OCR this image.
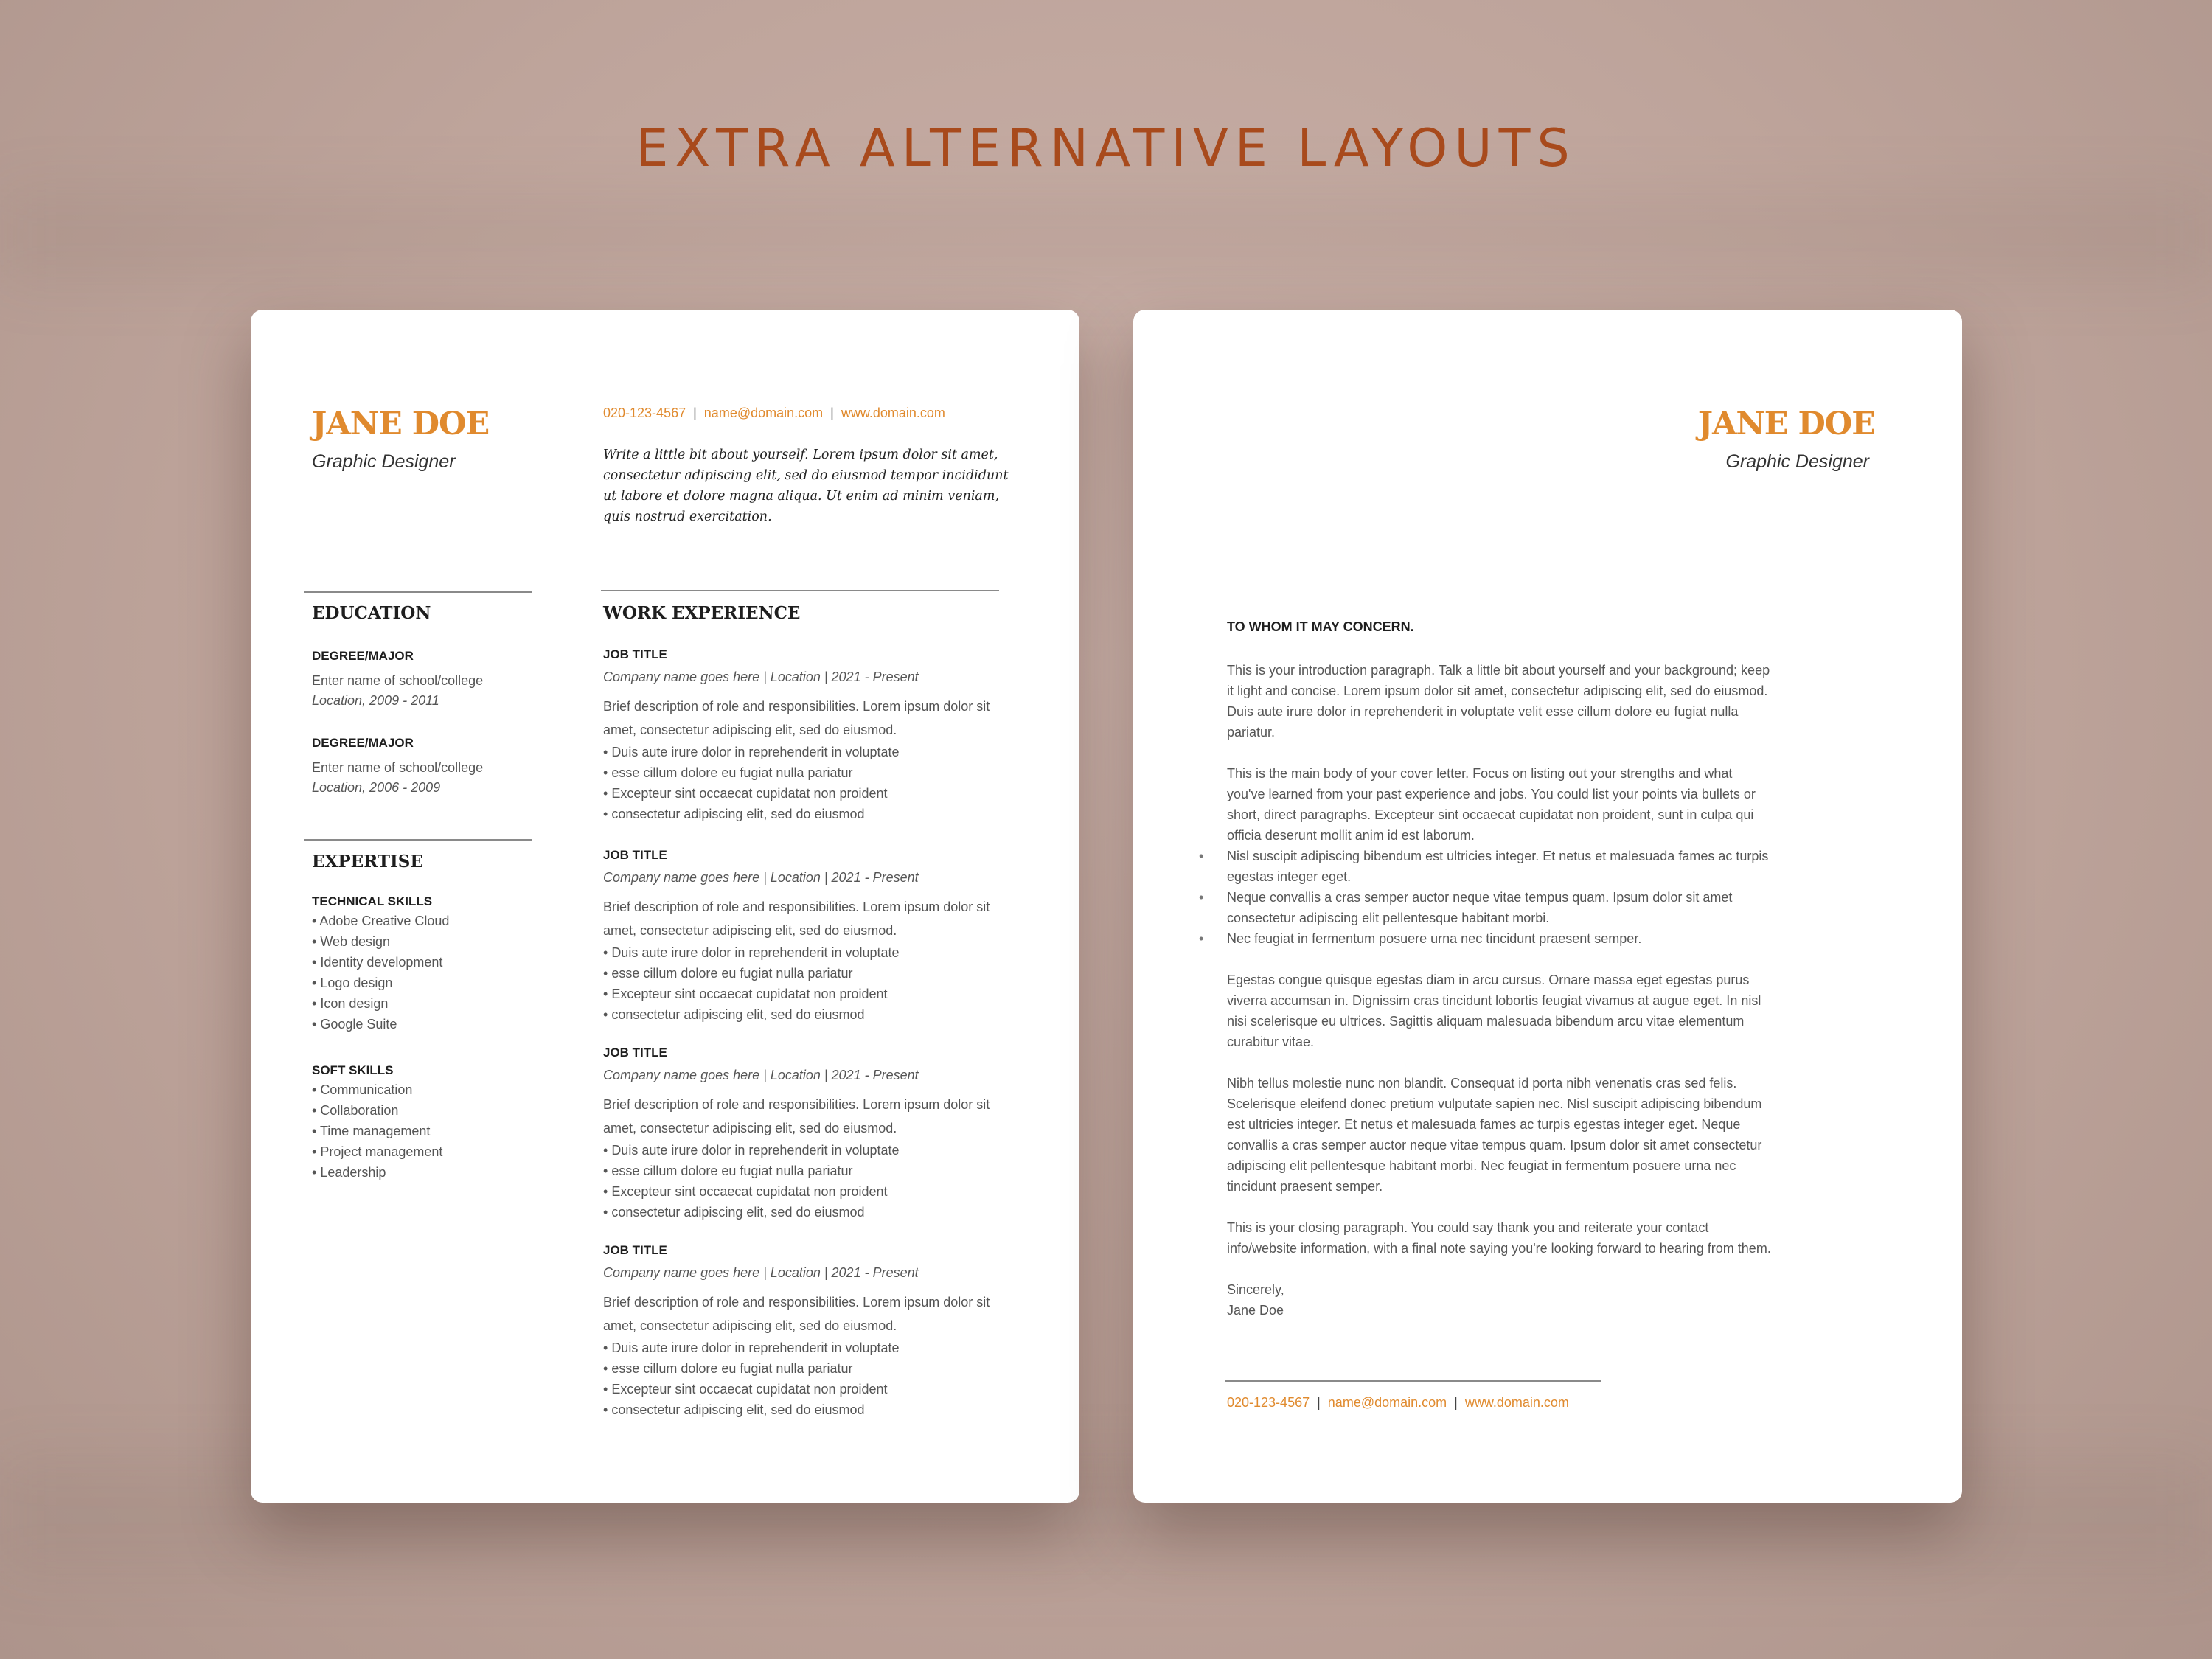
EXTRA ALTERNATIVE LAYOUTS
JANE DOE
Graphic Designer
020-123-4567 | name@domain.com | www.domain.com
Write a little bit about yourself. Lorem ipsum dolor sit amet, consectetur adipiscing elit, sed do eiusmod tempor incididunt ut labore et dolore magna aliqua. Ut enim ad minim veniam, quis nostrud exercitation.
EDUCATION
DEGREE/MAJOR
Enter name of school/college
Location, 2009 - 2011
DEGREE/MAJOR
Enter name of school/college
Location, 2006 - 2009
EXPERTISE
TECHNICAL SKILLS
• Adobe Creative Cloud
• Web design
• Identity development
• Logo design
• Icon design
• Google Suite
SOFT SKILLS
• Communication
• Collaboration
• Time management
• Project management
• Leadership
WORK EXPERIENCE
JOB TITLE
Company name goes here | Location | 2021 - Present
Brief description of role and responsibilities. Lorem ipsum dolor sit amet, consectetur adipiscing elit, sed do eiusmod.
• Duis aute irure dolor in reprehenderit in voluptate
• esse cillum dolore eu fugiat nulla pariatur
• Excepteur sint occaecat cupidatat non proident
• consectetur adipiscing elit, sed do eiusmod
JOB TITLE
Company name goes here | Location | 2021 - Present
Brief description of role and responsibilities. Lorem ipsum dolor sit amet, consectetur adipiscing elit, sed do eiusmod.
• Duis aute irure dolor in reprehenderit in voluptate
• esse cillum dolore eu fugiat nulla pariatur
• Excepteur sint occaecat cupidatat non proident
• consectetur adipiscing elit, sed do eiusmod
JOB TITLE
Company name goes here | Location | 2021 - Present
Brief description of role and responsibilities. Lorem ipsum dolor sit amet, consectetur adipiscing elit, sed do eiusmod.
• Duis aute irure dolor in reprehenderit in voluptate
• esse cillum dolore eu fugiat nulla pariatur
• Excepteur sint occaecat cupidatat non proident
• consectetur adipiscing elit, sed do eiusmod
JOB TITLE
Company name goes here | Location | 2021 - Present
Brief description of role and responsibilities. Lorem ipsum dolor sit amet, consectetur adipiscing elit, sed do eiusmod.
• Duis aute irure dolor in reprehenderit in voluptate
• esse cillum dolore eu fugiat nulla pariatur
• Excepteur sint occaecat cupidatat non proident
• consectetur adipiscing elit, sed do eiusmod
JANE DOE
Graphic Designer
TO WHOM IT MAY CONCERN.

This is your introduction paragraph. Talk a little bit about yourself and your background; keep it light and concise. Lorem ipsum dolor sit amet, consectetur adipiscing elit, sed do eiusmod. Duis aute irure dolor in reprehenderit in voluptate velit esse cillum dolore eu fugiat nulla pariatur.

This is the main body of your cover letter. Focus on listing out your strengths and what you've learned from your past experience and jobs. You could list your points via bullets or short, direct paragraphs. Excepteur sint occaecat cupidatat non proident, sunt in culpa qui officia deserunt mollit anim id est laborum.

• Nisl suscipit adipiscing bibendum est ultricies integer. Et netus et malesuada fames ac turpis egestas integer eget.
• Neque convallis a cras semper auctor neque vitae tempus quam. Ipsum dolor sit amet consectetur adipiscing elit pellentesque habitant morbi.
• Nec feugiat in fermentum posuere urna nec tincidunt praesent semper.

Egestas congue quisque egestas diam in arcu cursus. Ornare massa eget egestas purus viverra accumsan in. Dignissim cras tincidunt lobortis feugiat vivamus at augue eget. In nisl nisi scelerisque eu ultrices. Sagittis aliquam malesuada bibendum arcu vitae elementum curabitur vitae.

Nibh tellus molestie nunc non blandit. Consequat id porta nibh venenatis cras sed felis. Scelerisque eleifend donec pretium vulputate sapien nec. Nisl suscipit adipiscing bibendum est ultricies integer. Et netus et malesuada fames ac turpis egestas integer eget. Neque convallis a cras semper auctor neque vitae tempus quam. Ipsum dolor sit amet consectetur adipiscing elit pellentesque habitant morbi. Nec feugiat in fermentum posuere urna nec tincidunt praesent semper.

This is your closing paragraph. You could say thank you and reiterate your contact info/website information, with a final note saying you're looking forward to hearing from them.

Sincerely,
Jane Doe
020-123-4567 | name@domain.com | www.domain.com
